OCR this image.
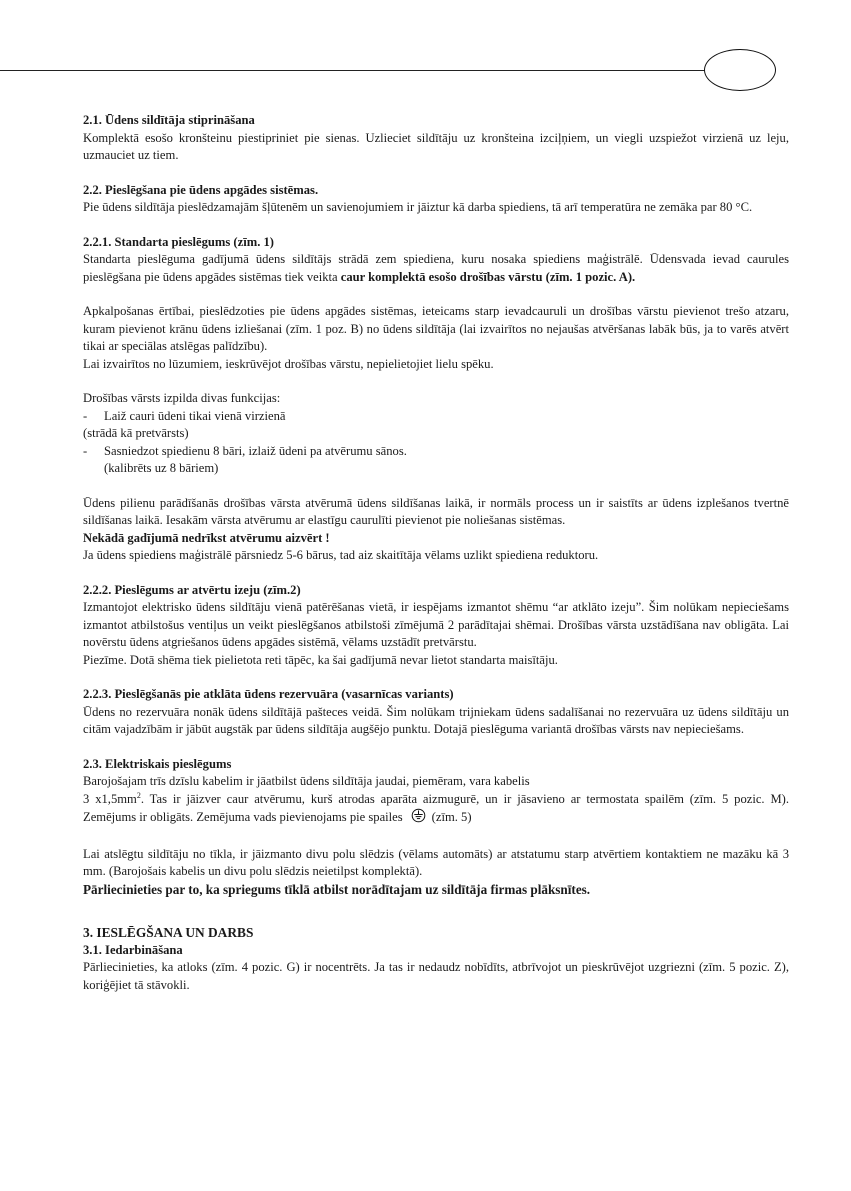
2.1. Ūdens sildītāja stiprināšana

Komplektā esošo kronšteinu piestipriniet pie sienas. Uzlieciet sildītāju uz kronšteina izciļņiem, un viegli uzspiežot virzienā uz leju, uzmauciet uz tiem.

2.2. Pieslēgšana pie ūdens apgādes sistēmas.

Pie ūdens sildītāja pieslēdzamajām šļūtenēm un savienojumiem ir jāiztur kā darba spiediens, tā arī temperatūra ne zemāka par 80 °C.

2.2.1. Standarta pieslēgums (zīm. 1)

Standarta pieslēguma gadījumā ūdens sildītājs strādā zem spiediena, kuru nosaka spiediens maģistrālē. Ūdensvada ievad caurules pieslēgšana pie ūdens apgādes sistēmas tiek veikta caur komplektā esošo drošības vārstu (zīm. 1 pozic. A).

Apkalpošanas ērtībai, pieslēdzoties pie ūdens apgādes sistēmas, ieteicams starp ievadcauruli un drošības vārstu pievienot trešo atzaru, kuram pievienot krānu ūdens izliešanai (zīm. 1 poz. B) no ūdens sildītāja (lai izvairītos no nejaušas atvēršanas labāk būs, ja to varēs atvērt tikai ar speciālas atslēgas palīdzību).

Lai izvairītos no lūzumiem, ieskrūvējot drošības vārstu, nepielietojiet lielu spēku.

Drošības vārsts izpilda divas funkcijas:

- Laiž cauri ūdeni tikai vienā virzienā

(strādā kā pretvārsts)

- Sasniedzot spiedienu 8 bāri, izlaiž ūdeni pa atvērumu sānos.

(kalibrēts uz 8 bāriem)

Ūdens pilienu parādīšanās drošības vārsta atvērumā ūdens sildīšanas laikā, ir normāls process un ir saistīts ar ūdens izplešanos tvertnē sildīšanas laikā. Iesakām vārsta atvērumu ar elastīgu caurulīti pievienot pie noliešanas sistēmas.

Nekādā gadījumā nedrīkst atvērumu aizvērt !

Ja ūdens spiediens maģistrālē pārsniedz 5-6 bārus, tad aiz skaitītāja vēlams uzlikt spiediena reduktoru.

2.2.2. Pieslēgums ar atvērtu izeju (zīm.2)

Izmantojot elektrisko ūdens sildītāju vienā patērēšanas vietā, ir iespējams izmantot shēmu “ar atklāto izeju”. Šim nolūkam nepieciešams izmantot atbilstošus ventiļus un veikt pieslēgšanos atbilstoši zīmējumā 2 parādītajai shēmai. Drošības vārsta uzstādīšana nav obligāta. Lai novērstu ūdens atgriešanos ūdens apgādes sistēmā, vēlams uzstādīt pretvārstu.

Piezīme. Dotā shēma tiek pielietota reti tāpēc, ka šai gadījumā nevar lietot standarta maisītāju.

2.2.3. Pieslēgšanās pie atklāta ūdens rezervuāra (vasarnīcas variants)

Ūdens no rezervuāra nonāk ūdens sildītājā pašteces veidā. Šim nolūkam trijniekam ūdens sadalīšanai no rezervuāra uz ūdens sildītāju un citām vajadzībām ir jābūt augstāk par ūdens sildītāja augšējo punktu. Dotajā pieslēguma variantā drošības vārsts nav nepieciešams.

2.3. Elektriskais pieslēgums

Barojošajam trīs dzīslu kabelim ir jāatbilst ūdens sildītāja jaudai, piemēram, vara kabelis

3 $x1,5mm^2$. Tas ir jāizver caur atvērumu, kurš atrodas aparāta aizmugurē, un ir jāsavieno ar termostata spailēm (zīm. 5 pozic. M). Zemējums ir obligāts. Zemējuma vads pievienojams pie spailes (zīm. 5)

Lai atslēgtu sildītāju no tīkla, ir jāizmanto divu polu slēdzis (vēlams automāts) ar atstatumu starp atvērtiem kontaktiem ne mazāku kā 3 mm. (Barojošais kabelis un divu polu slēdzis neietilpst komplektā).

Pārliecinieties par to, ka spriegums tīklā atbilst norādītajam uz sildītāja firmas plāksnītes.

3. IESLĒGŠANA UN DARBS

3.1. Iedarbināšana

Pārliecinieties, ka atloks (zīm. 4 pozic. G) ir nocentrēts. Ja tas ir nedaudz nobīdīts, atbrīvojot un pieskrūvējot uzgriezni (zīm. 5 pozic. Z), koriģējiet tā stāvokli.
